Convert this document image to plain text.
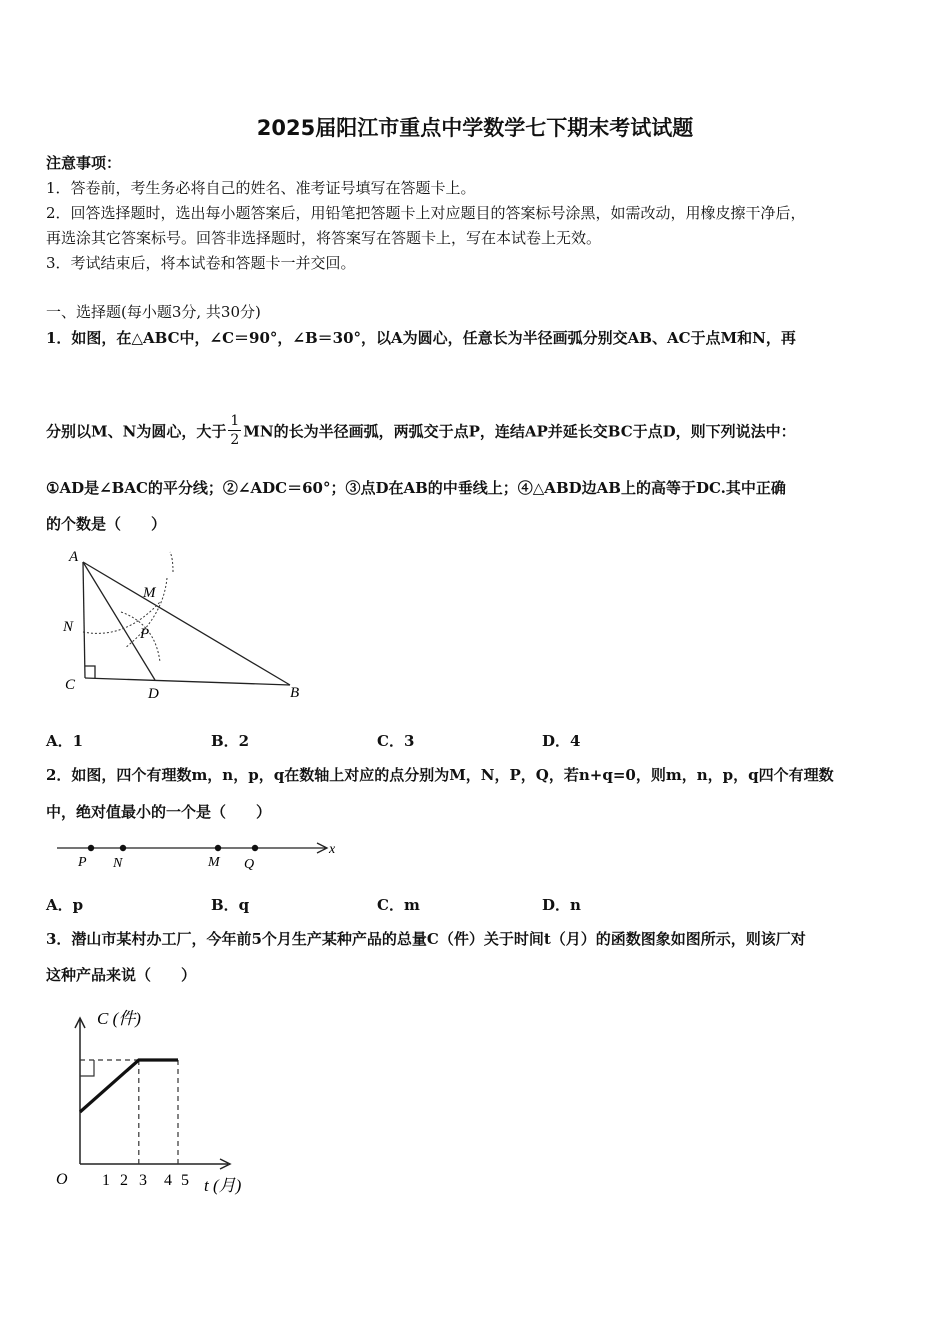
2025届阳江市重点中学数学七下期末考试试题
注意事项：
1．答卷前，考生务必将自己的姓名、准考证号填写在答题卡上。
2．回答选择题时，选出每小题答案后，用铅笔把答题卡上对应题目的答案标号涂黑，如需改动，用橡皮擦干净后，
再选涂其它答案标号。回答非选择题时，将答案写在答题卡上，写在本试卷上无效。
3．考试结束后，将本试卷和答题卡一并交回。
一、选择题(每小题3分, 共30分)
1．如图，在△ABC中，∠C＝90°，∠B＝30°，以A为圆心，任意长为半径画弧分别交AB、AC于点M和N，再
分别以M、N为圆心，大于 $\frac{1}{2}$ MN的长为半径画弧，两弧交于点P，连结AP并延长交BC于点D，则下列说法中：
①AD是∠BAC的平分线；②∠ADC＝60°；③点D在AB的中垂线上；④△ABD边AB上的高等于DC.其中正确
的个数是（　　）
A
B
C
D
M
N	P
A．1	B．2	C．3	D．4
2．如图，四个有理数m，n，p，q在数轴上对应的点分别为M，N，P，Q，若n+q=0，则m，n，p，q四个有理数
中，绝对值最小的一个是（　　）
P N	M Q
x
A．p	B．q	C．m	D．n
3．潜山市某村办工厂，今年前5个月生产某种产品的总量C（件）关于时间t（月）的函数图象如图所示，则该厂对
这种产品来说（　　）
1 2 3 4 5
C (件)
t (月)
O
